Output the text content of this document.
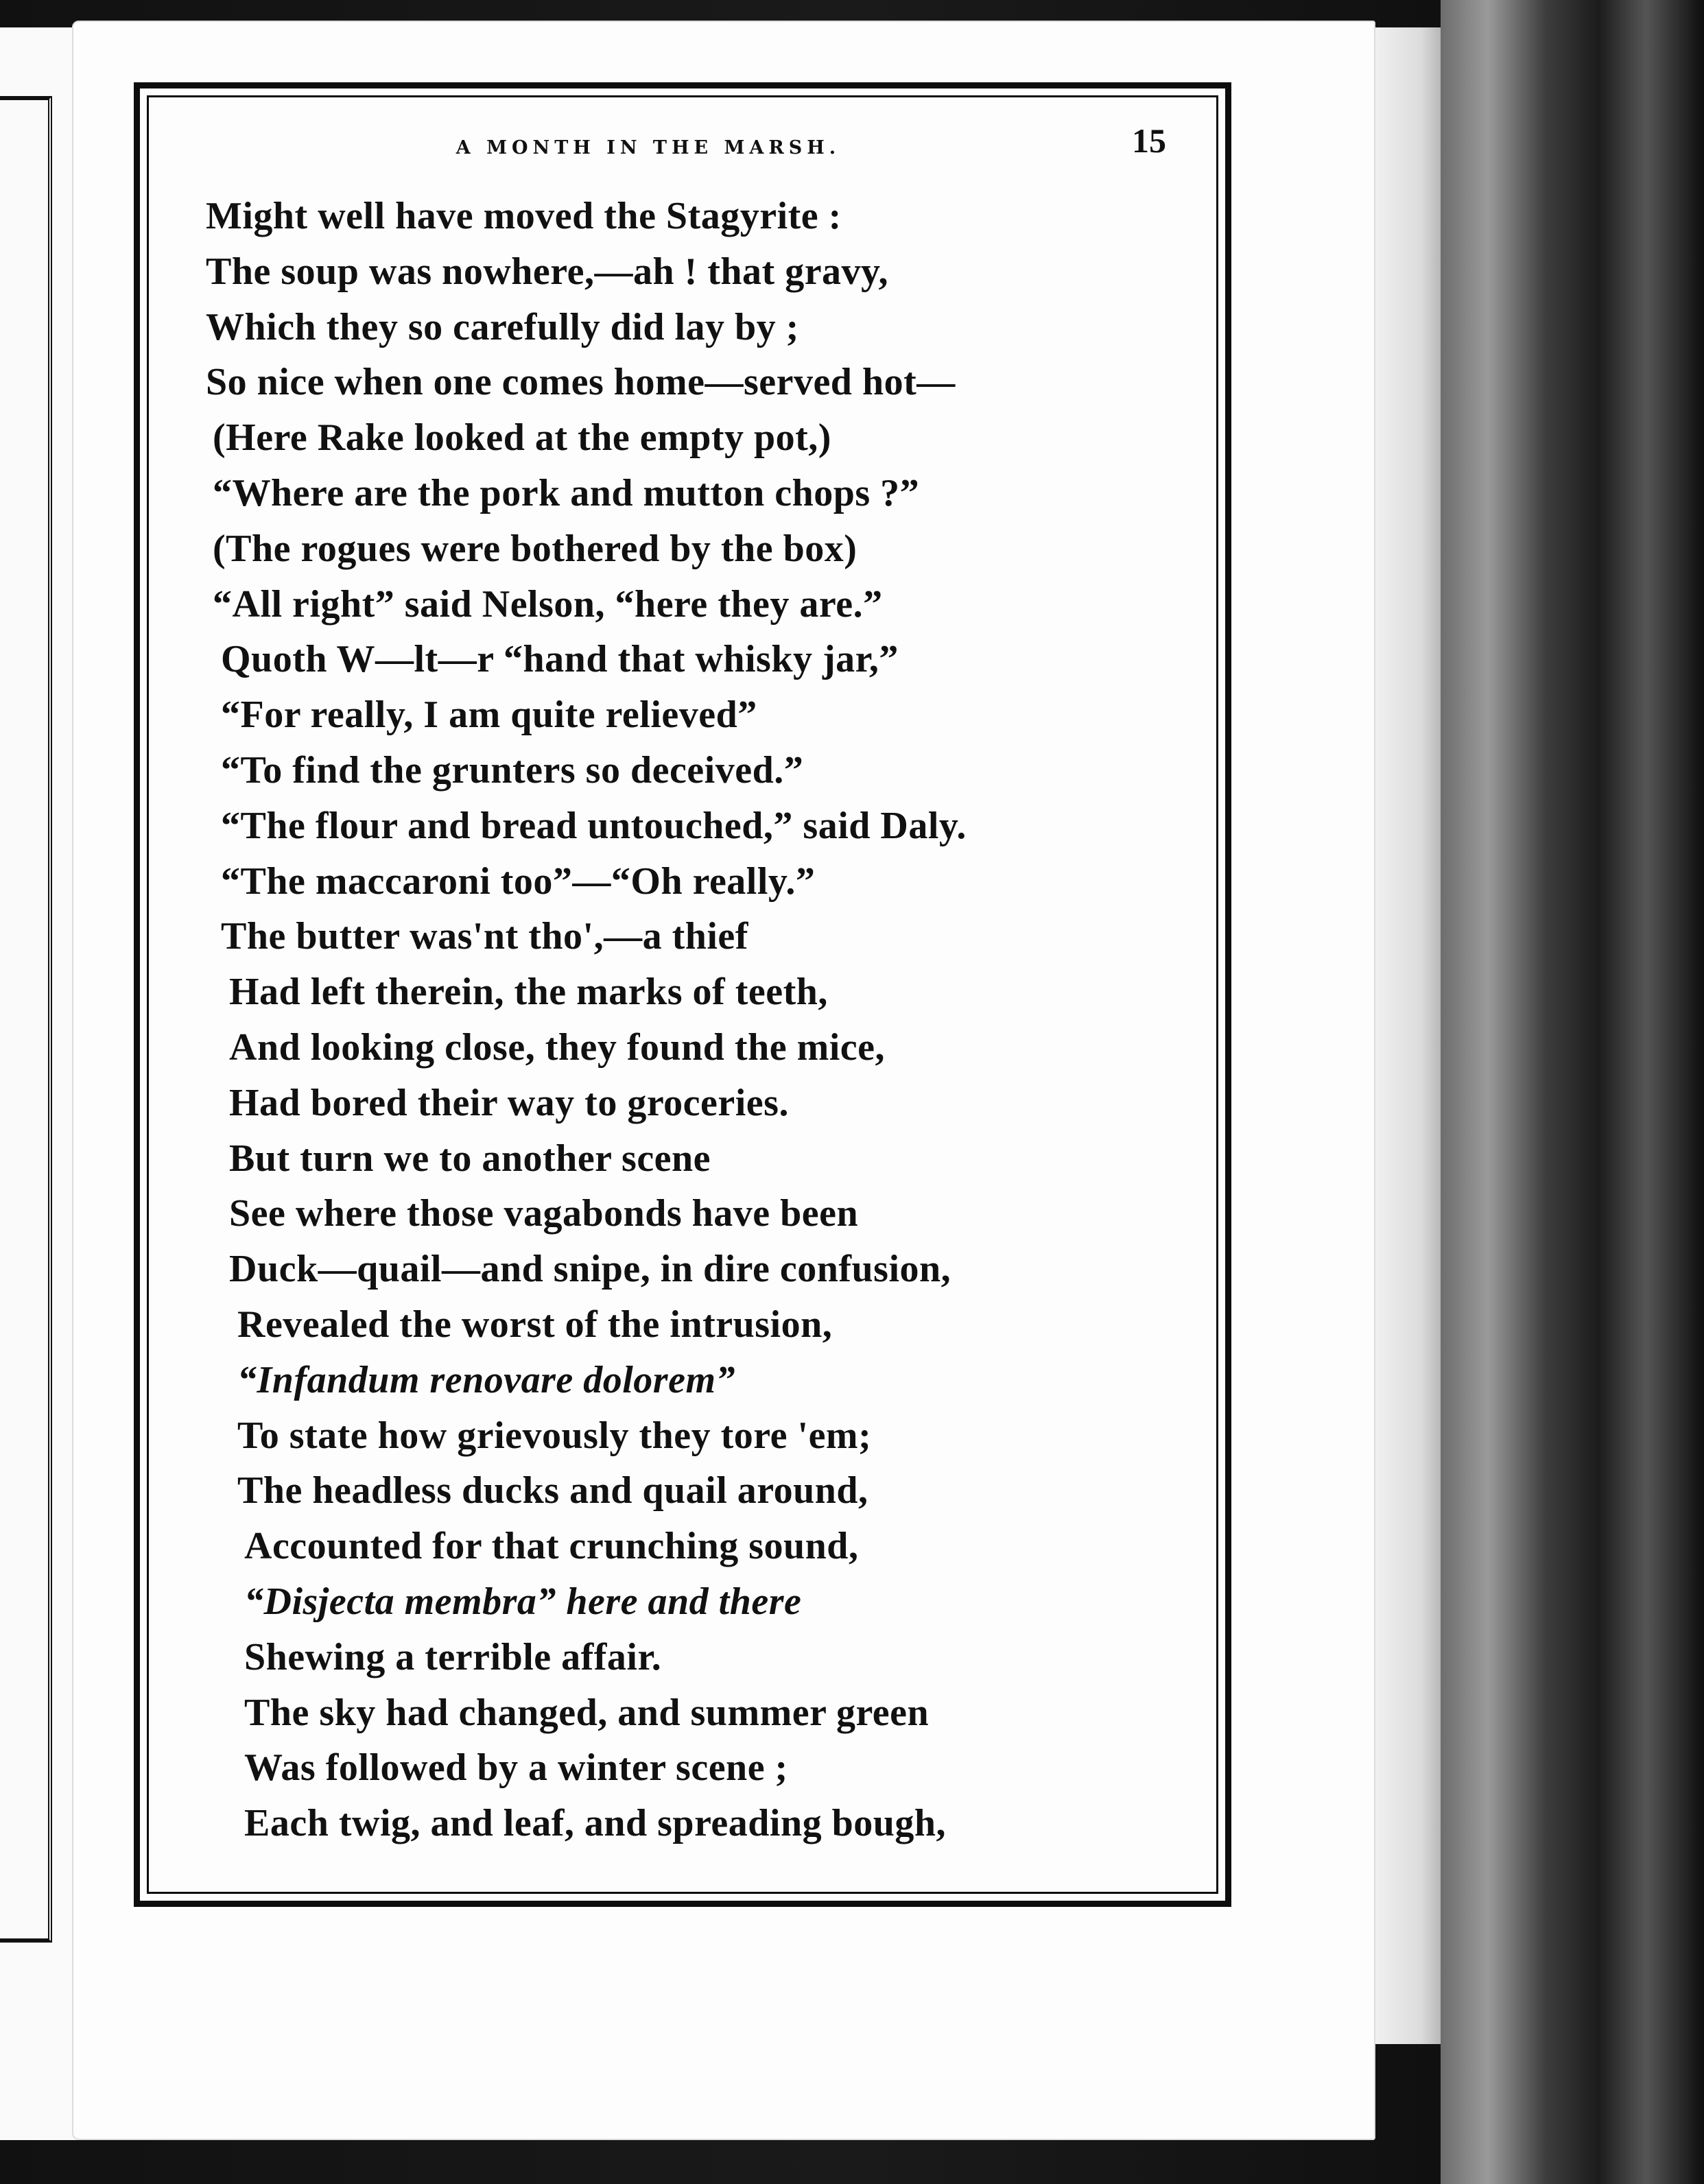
A MONTH IN THE MARSH.	15
Might well have moved the Stagyrite :
The soup was nowhere,—ah ! that gravy,
Which they so carefully did lay by ;
So nice when one comes home—served hot—
(Here Rake looked at the empty pot,)
“Where are the pork and mutton chops ?”
(The rogues were bothered by the box)
“All right” said Nelson, “here they are.”
Quoth W—lt—r “hand that whisky jar,”
“For really, I am quite relieved”
“To find the grunters so deceived.”
“The flour and bread untouched,” said Daly.
“The maccaroni too”—“Oh really.”
The butter was'nt tho',—a thief
Had left therein, the marks of teeth,
And looking close, they found the mice,
Had bored their way to groceries.
But turn we to another scene
See where those vagabonds have been
Duck—quail—and snipe, in dire confusion,
Revealed the worst of the intrusion,
“Infandum renovare dolorem”
To state how grievously they tore 'em;
The headless ducks and quail around,
Accounted for that crunching sound,
“Disjecta membra” here and there
Shewing a terrible affair.
The sky had changed, and summer green
Was followed by a winter scene ;
Each twig, and leaf, and spreading bough,
